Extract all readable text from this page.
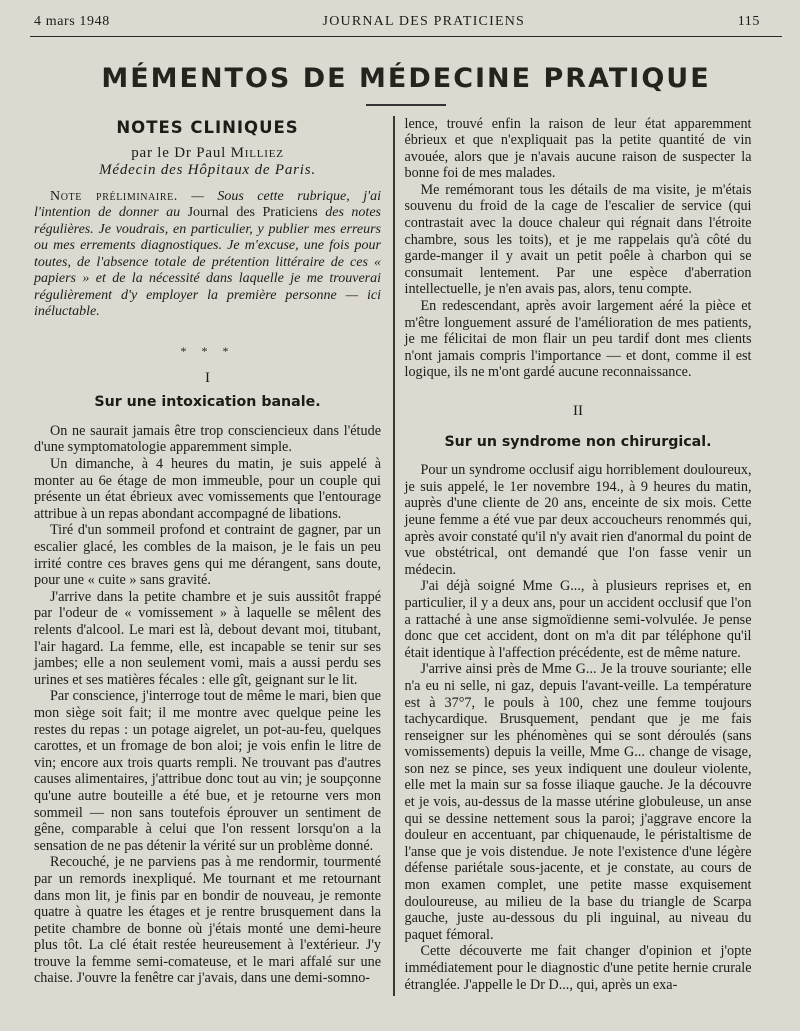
4 mars 1948	JOURNAL DES PRATICIENS	115
MÉMENTOS DE MÉDECINE PRATIQUE
NOTES CLINIQUES
par le Dr Paul Milliez
Médecin des Hôpitaux de Paris.

Note préliminaire. — Sous cette rubrique, j'ai l'intention de donner au Journal des Praticiens des notes régulières. Je voudrais, en particulier, y publier mes erreurs ou mes errements diagnostiques. Je m'excuse, une fois pour toutes, de l'absence totale de prétention littéraire de ces « papiers » et de la nécessité dans laquelle je me trouverai régulièrement d'y employer la première personne — ici inéluctable.

* * *
I
Sur une intoxication banale.

On ne saurait jamais être trop consciencieux dans l'étude d'une symptomatologie apparemment simple.

Un dimanche, à 4 heures du matin, je suis appelé à monter au 6e étage de mon immeuble, pour un couple qui présente un état ébrieux avec vomissements que l'entourage attribue à un repas abondant accompagné de libations.

Tiré d'un sommeil profond et contraint de gagner, par un escalier glacé, les combles de la maison, je le fais un peu irrité contre ces braves gens qui me dérangent, sans doute, pour une « cuite » sans gravité.

J'arrive dans la petite chambre et je suis aussitôt frappé par l'odeur de « vomissement » à laquelle se mêlent des relents d'alcool. Le mari est là, debout devant moi, titubant, l'air hagard. La femme, elle, est incapable se tenir sur ses jambes; elle a non seulement vomi, mais a aussi perdu ses urines et ses matières fécales : elle gît, geignant sur le lit.

Par conscience, j'interroge tout de même le mari, bien que mon siège soit fait; il me montre avec quelque peine les restes du repas : un potage aigrelet, un pot-au-feu, quelques carottes, et un fromage de bon aloi; je vois enfin le litre de vin; encore aux trois quarts rempli. Ne trouvant pas d'autres causes alimentaires, j'attribue donc tout au vin; je soupçonne qu'une autre bouteille a été bue, et je retourne vers mon sommeil — non sans toutefois éprouver un sentiment de gêne, comparable à celui que l'on ressent lorsqu'on a la sensation de ne pas détenir la vérité sur un problème donné.

Recouché, je ne parviens pas à me rendormir, tourmenté par un remords inexpliqué. Me tournant et me retournant dans mon lit, je finis par en bondir de nouveau, je remonte quatre à quatre les étages et je rentre brusquement dans la petite chambre de bonne où j'étais monté une demi-heure plus tôt. La clé était restée heureusement à l'extérieur. J'y trouve la femme semi-comateuse, et le mari affalé sur une chaise. J'ouvre la fenêtre car j'avais, dans une demi-somno-

lence, trouvé enfin la raison de leur état apparemment ébrieux et que n'expliquait pas la petite quantité de vin avouée, alors que je n'avais aucune raison de suspecter la bonne foi de mes malades.

Me remémorant tous les détails de ma visite, je m'étais souvenu du froid de la cage de l'escalier de service (qui contrastait avec la douce chaleur qui régnait dans l'étroite chambre, sous les toits), et je me rappelais qu'à côté du garde-manger il y avait un petit poêle à charbon qui se consumait lentement. Par une espèce d'aberration intellectuelle, je n'en avais pas, alors, tenu compte.

En redescendant, après avoir largement aéré la pièce et m'être longuement assuré de l'amélioration de mes patients, je me félicitai de mon flair un peu tardif dont mes clients n'ont jamais compris l'importance — et dont, comme il est logique, ils ne m'ont gardé aucune reconnaissance.

II
Sur un syndrome non chirurgical.

Pour un syndrome occlusif aigu horriblement douloureux, je suis appelé, le 1er novembre 194., à 9 heures du matin, auprès d'une cliente de 20 ans, enceinte de six mois. Cette jeune femme a été vue par deux accoucheurs renommés qui, après avoir constaté qu'il n'y avait rien d'anormal du point de vue obstétrical, ont demandé que l'on fasse venir un médecin.

J'ai déjà soigné Mme G..., à plusieurs reprises et, en particulier, il y a deux ans, pour un accident occlusif que l'on a rattaché à une anse sigmoïdienne semi-volvulée. Je pense donc que cet accident, dont on m'a dit par téléphone qu'il était identique à l'affection précédente, est de même nature.

J'arrive ainsi près de Mme G... Je la trouve souriante; elle n'a eu ni selle, ni gaz, depuis l'avant-veille. La température est à 37°7, le pouls à 100, chez une femme toujours tachycardique. Brusquement, pendant que je me fais renseigner sur les phénomènes qui se sont déroulés (sans vomissements) depuis la veille, Mme G... change de visage, son nez se pince, ses yeux indiquent une douleur violente, elle met la main sur sa fosse iliaque gauche. Je la découvre et je vois, au-dessus de la masse utérine globuleuse, un anse qui se dessine nettement sous la paroi; j'aggrave encore la douleur en accentuant, par chiquenaude, le péristaltisme de l'anse que je vois distendue. Je note l'existence d'une légère défense pariétale sous-jacente, et je constate, au cours de mon examen complet, une petite masse exquisement douloureuse, au milieu de la base du triangle de Scarpa gauche, juste au-dessous du pli inguinal, au niveau du paquet fémoral.

Cette découverte me fait changer d'opinion et j'opte immédiatement pour le diagnostic d'une petite hernie crurale étranglée. J'appelle le Dr D..., qui, après un exa-
